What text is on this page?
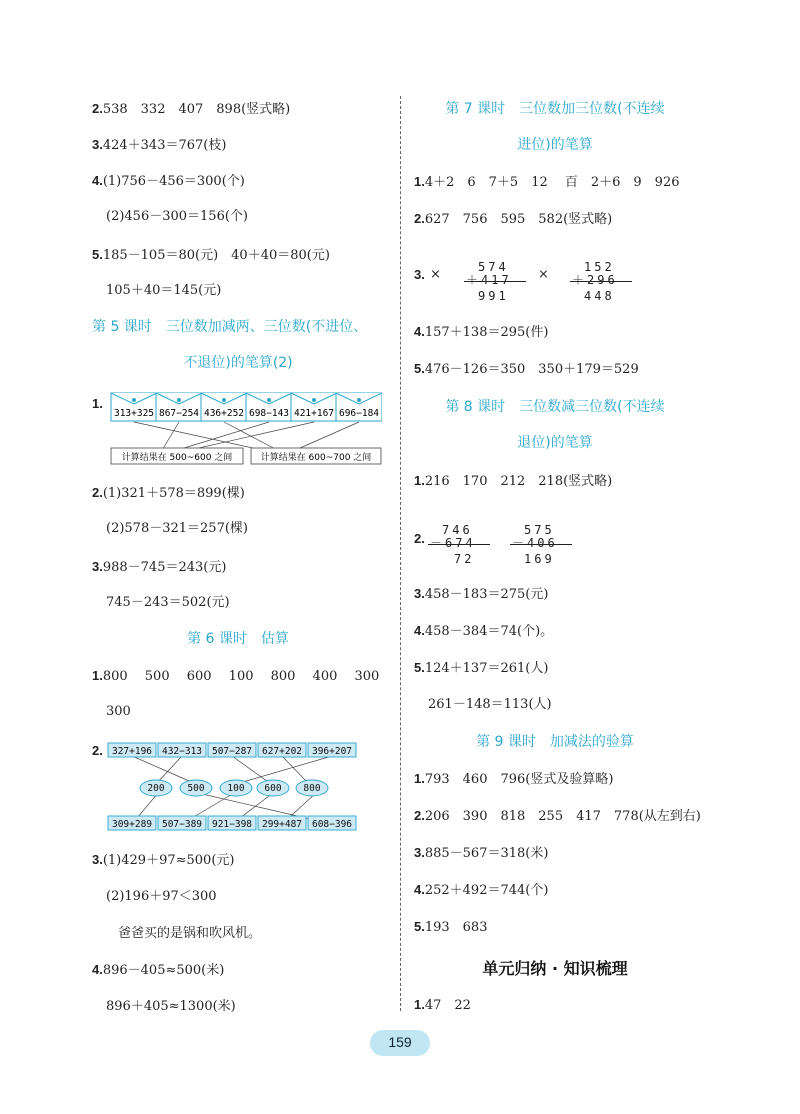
2.538　332　407　898(竖式略)
3.424＋343＝767(枝)
4.(1)756－456＝300(个)
(2)456－300＝156(个)
5.185－105＝80(元)　40＋40＝80(元)
105＋40＝145(元)
第 5 课时　三位数加减两、三位数(不进位、
不退位)的笔算(2)
1.
313+325 867−254 436+252 698−143 421+167 696−184
计算结果在 500~600 之间	计算结果在 600~700 之间
2.(1)321＋578＝899(棵)
(2)578－321＝257(棵)
3.988－745＝243(元)
745－243＝502(元)
第 6 课时　估算
1.800　 500　 600　 100　 800　 400　 300
300
2. 327+196 432−313 507−287 627+202 396+207
200 500 100 600 800
309+289 507−389 921−398 299+487 608−396
3.(1)429＋97≈500(元)
(2)196＋97＜300
爸爸买的是锅和吹风机。
4.896－405≈500(米)
896＋405≈1300(米)
第 7 课时　三位数加三位数(不连续
进位)的笔算
1.4＋2　6　7＋5　12　 百　2＋6　9　926
2.627　756　595　582(竖式略)
3. ×	574
＋417
991
×	152
＋296
448
4.157＋138＝295(件)
5.476－126＝350　350＋179＝529
第 8 课时　三位数减三位数(不连续
退位)的笔算
1.216　170　212　218(竖式略)
2.

746
－674
72

575
－406
169
3.458－183＝275(元)
4.458－384＝74(个)。
5.124＋137＝261(人)
261－148＝113(人)
第 9 课时　加减法的验算
1.793　460　796(竖式及验算略)
2.206　390　818　255　417　778(从左到右)
3.885－567＝318(米)
4.252＋492＝744(个)
5.193　683
单元归纳 · 知识梳理
1.47　22
159
